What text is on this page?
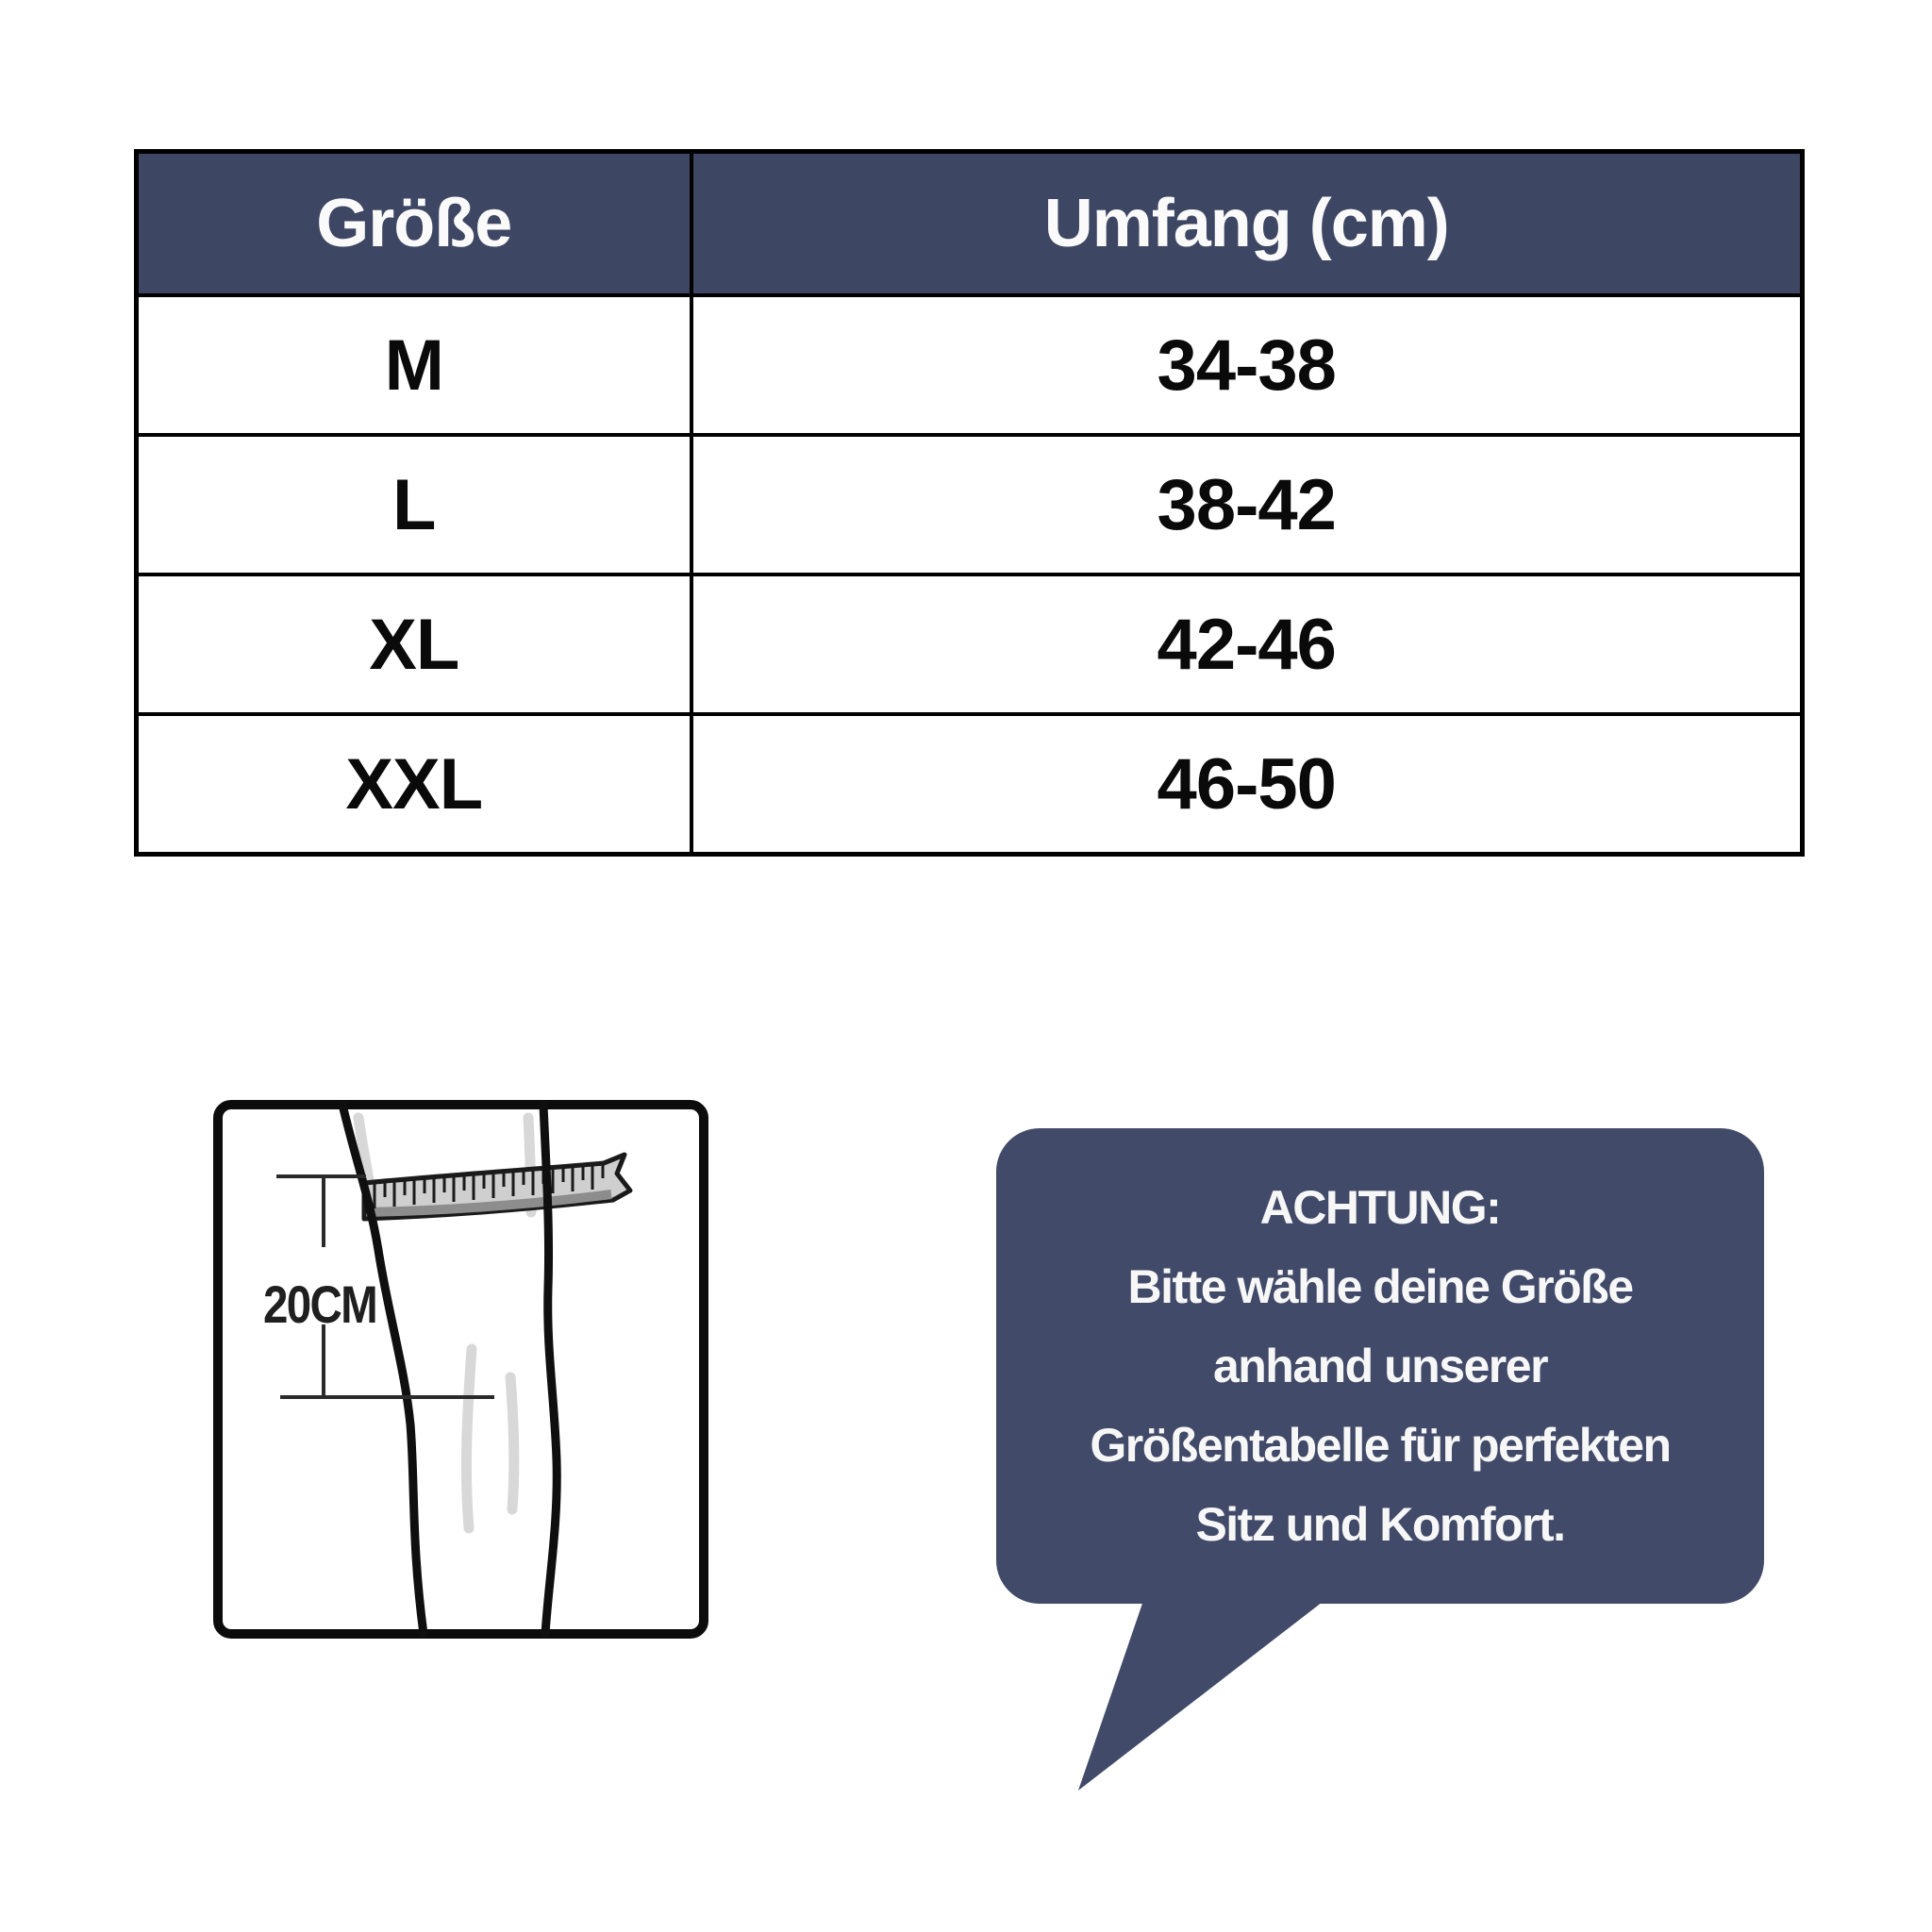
Größe	Umfang (cm)
M	34-38
L	38-42
XL	42-46
XXL	46-50
20CM
ACHTUNG:
Bitte wähle deine Größe
anhand unserer
Größentabelle für perfekten
Sitz und Komfort.
